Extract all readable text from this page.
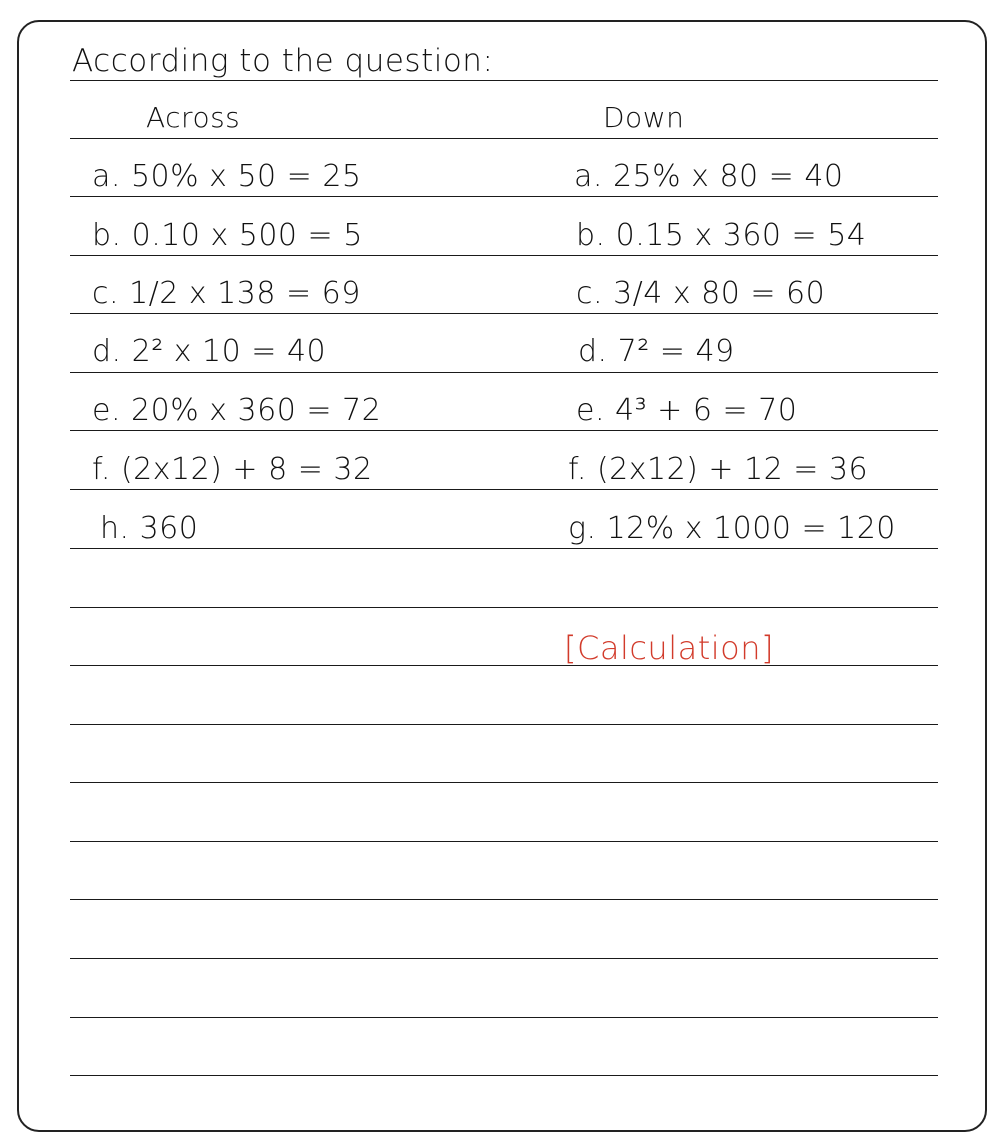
According to the question:
Across	Down
a. 50% x 50 = 25
b. 0.10 x 500 = 5
c. 1/2 x 138 = 69
d. 2² x 10 = 40
e. 20% x 360 = 72
f. (2x12) + 8 = 32
h. 360
a. 25% x 80 = 40
b. 0.15 x 360 = 54
c. 3/4 x 80 = 60
d. 7² = 49
e. 4³ + 6 = 70
f. (2x12) + 12 = 36
g. 12% x 1000 = 120
[Calculation]
